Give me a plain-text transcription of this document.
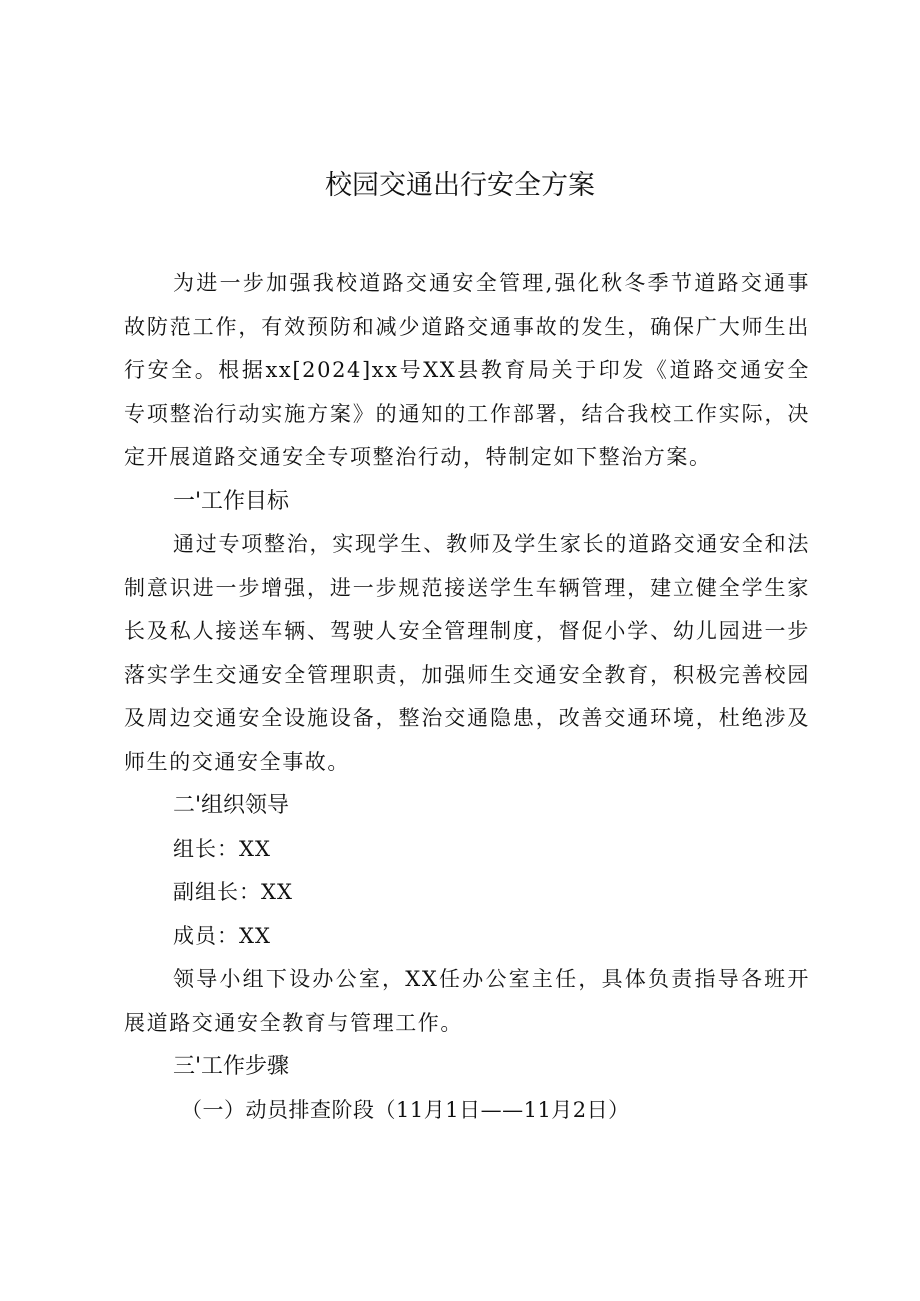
校园交通出行安全方案

为进一步加强我校道路交通安全管理,强化秋冬季节道路交通事故防范工作，有效预防和减少道路交通事故的发生，确保广大师生出行安全。根据xx[2024]xx号XX县教育局关于印发《道路交通安全专项整治行动实施方案》的通知的工作部署，结合我校工作实际，决定开展道路交通安全专项整治行动，特制定如下整治方案。

一'工作目标

通过专项整治，实现学生、教师及学生家长的道路交通安全和法制意识进一步增强，进一步规范接送学生车辆管理，建立健全学生家长及私人接送车辆、驾驶人安全管理制度，督促小学、幼儿园进一步落实学生交通安全管理职责，加强师生交通安全教育，积极完善校园及周边交通安全设施设备，整治交通隐患，改善交通环境，杜绝涉及师生的交通安全事故。

二'组织领导

组长：XX

副组长：XX

成员：XX

领导小组下设办公室，XX任办公室主任，具体负责指导各班开展道路交通安全教育与管理工作。

三'工作步骤

（一）动员排查阶段（11月1日——11月2日）
